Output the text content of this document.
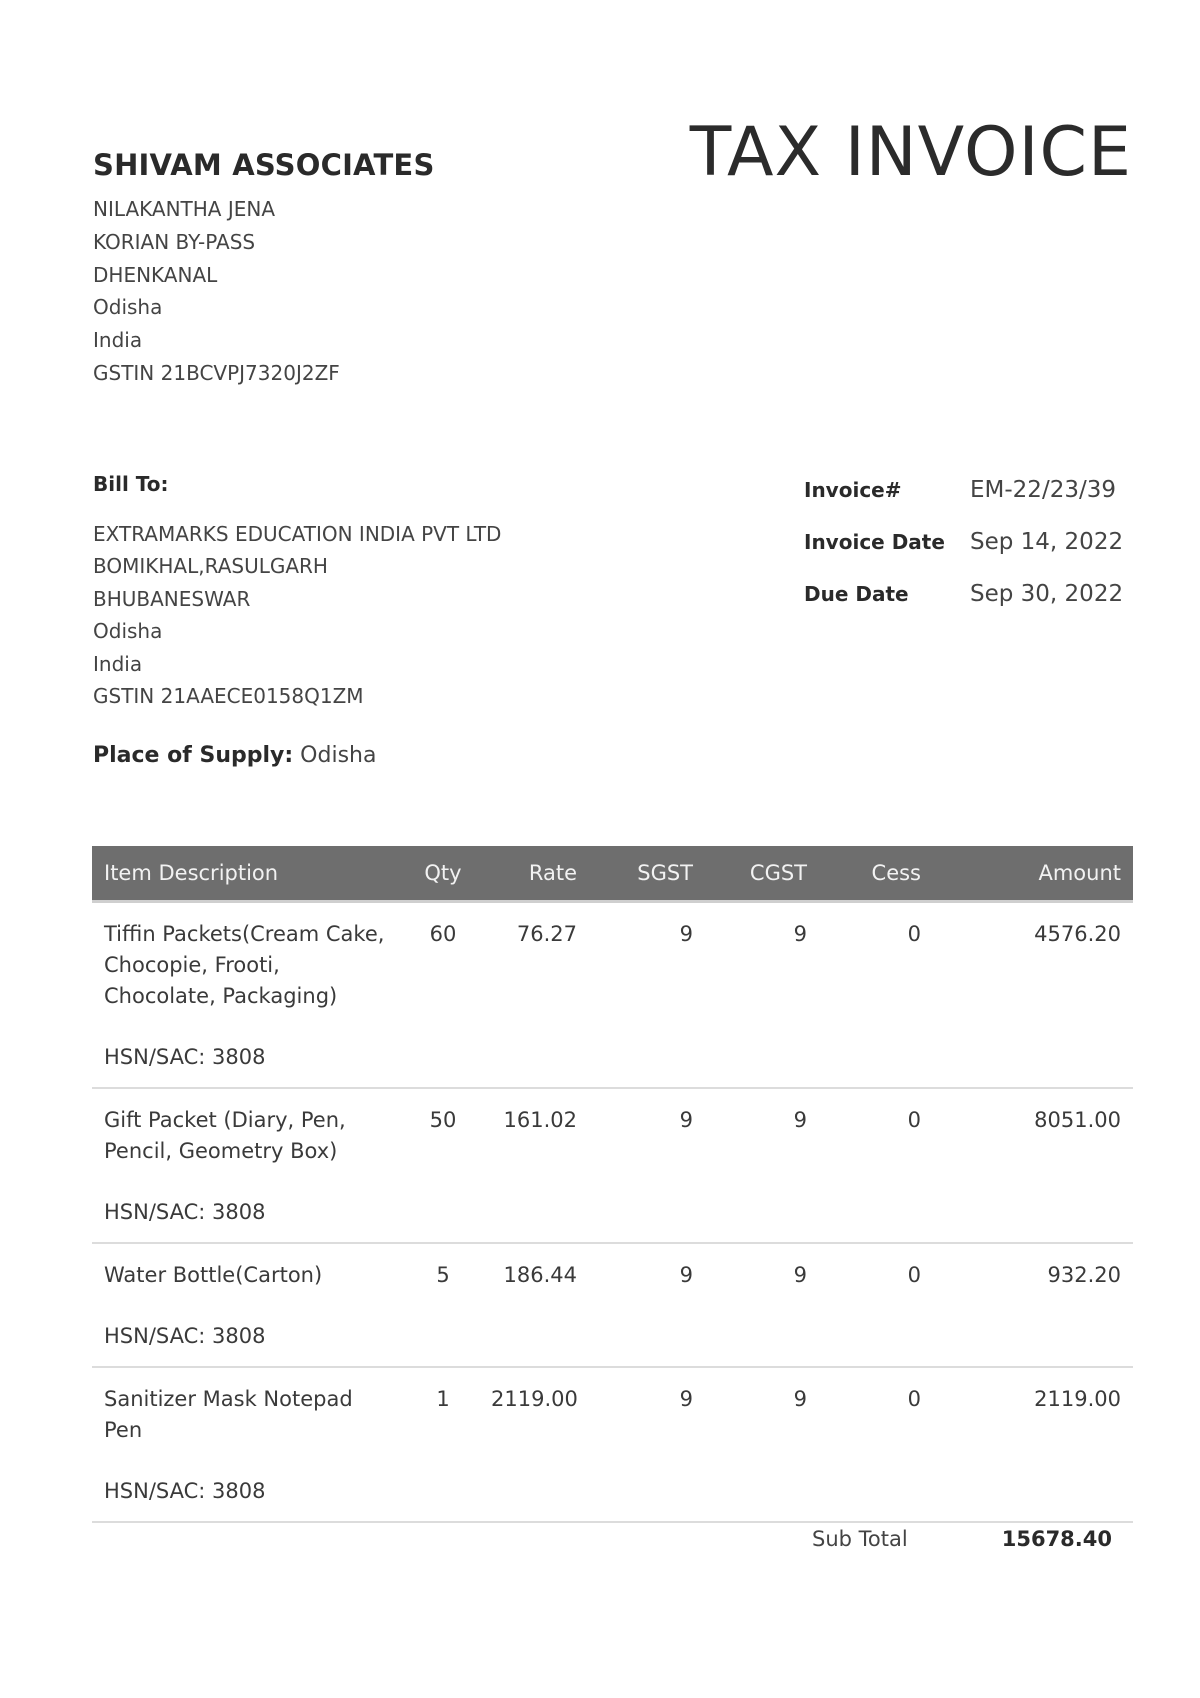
SHIVAM ASSOCIATES	TAX INVOICE
NILAKANTHA JENA
KORIAN BY-PASS
DHENKANAL
Odisha
India
GSTIN 21BCVPJ7320J2ZF
Bill To:
EXTRAMARKS EDUCATION INDIA PVT LTD
BOMIKHAL,RASULGARH
BHUBANESWAR
Odisha
India
GSTIN 21AAECE0158Q1ZM
Place of Supply: Odisha
Invoice#	EM-22/23/39
Invoice Date Sep 14, 2022
Due Date	Sep 30, 2022
Item Description	Qty	Rate	SGST	CGST	Cess	Amount
Tiffin Packets(Cream Cake, Chocopie, Frooti, Chocolate, Packaging)
HSN/SAC: 3808	60	76.27	9	9	0	4576.20
Gift Packet (Diary, Pen, Pencil, Geometry Box)
HSN/SAC: 3808	50	161.02	9	9	0	8051.00
Water Bottle(Carton)
HSN/SAC: 3808	5	186.44	9	9	0	932.20
Sanitizer Mask Notepad Pen
HSN/SAC: 3808	1	2119.00	9	9	0	2119.00
Sub Total	15678.40
